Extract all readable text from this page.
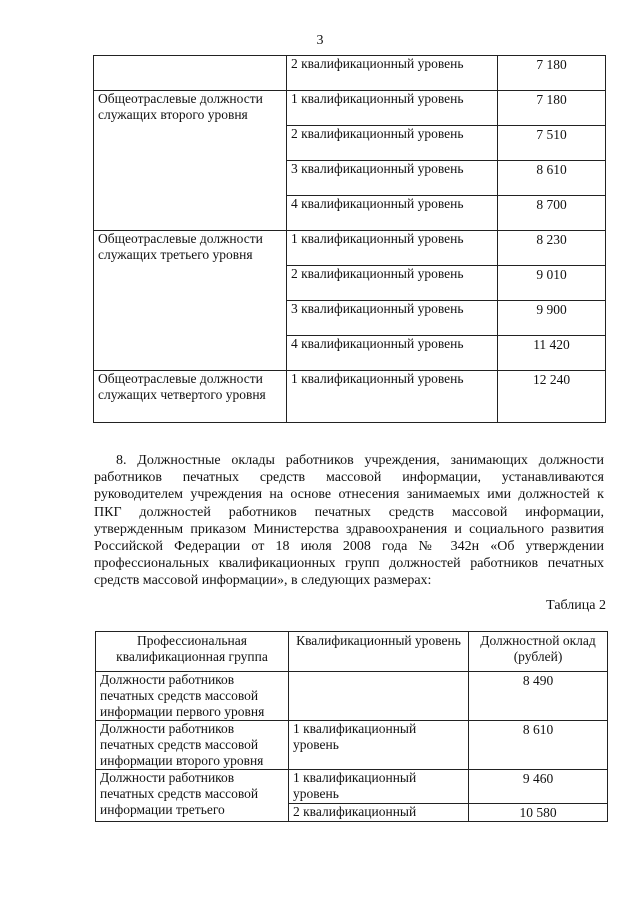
3
	2 квалификационный уровень	7 180
Общеотраслевые должности служащих второго уровня	1 квалификационный уровень	7 180
	2 квалификационный уровень	7 510
	3 квалификационный уровень	8 610
	4 квалификационный уровень	8 700
Общеотраслевые должности служащих третьего уровня	1 квалификационный уровень	8 230
	2 квалификационный уровень	9 010
	3 квалификационный уровень	9 900
	4 квалификационный уровень	11 420
Общеотраслевые должности служащих четвертого уровня	1 квалификационный уровень	12 240
8. Должностные оклады работников учреждения, занимающих должности работников печатных средств массовой информации, устанавливаются руководителем учреждения на основе отнесения занимаемых ими должностей к ПКГ должностей работников печатных средств массовой информации, утвержденным приказом Министерства здравоохранения и социального развития Российской Федерации от 18 июля 2008 года № 342н «Об утверждении профессиональных квалификационных групп должностей работников печатных средств массовой информации», в следующих размерах:
Таблица 2
Профессиональная квалификационная группа	Квалификационный уровень	Должностной оклад (рублей)
Должности работников печатных средств массовой информации первого уровня		8 490
Должности работников печатных средств массовой информации второго уровня	1 квалификационный уровень	8 610
Должности работников печатных средств массовой информации третьего	1 квалификационный уровень	9 460
	2 квалификационный	10 580
